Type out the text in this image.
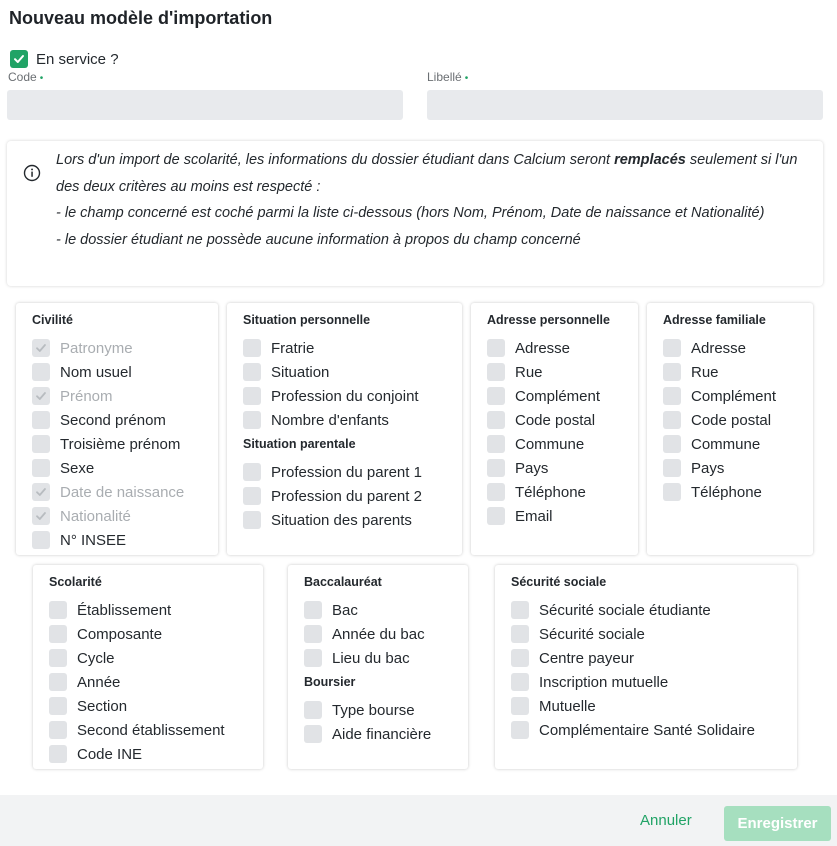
Nouveau modèle d'importation
En service ?
Code •	Libellé •
Lors d'un import de scolarité, les informations du dossier étudiant dans Calcium seront remplacés seulement si l'un des deux critères au moins est respecté :
- le champ concerné est coché parmi la liste ci-dessous (hors Nom, Prénom, Date de naissance et Nationalité)
- le dossier étudiant ne possède aucune information à propos du champ concerné
Civilité
Patronyme
Nom usuel
Prénom
Second prénom
Troisième prénom
Sexe
Date de naissance
Nationalité
N° INSEE
Situation personnelle
Fratrie
Situation
Profession du conjoint
Nombre d'enfants
Situation parentale
Profession du parent 1
Profession du parent 2
Situation des parents
Adresse personnelle
Adresse
Rue
Complément
Code postal
Commune
Pays
Téléphone
Email
Adresse familiale
Adresse
Rue
Complément
Code postal
Commune
Pays
Téléphone
Scolarité
Établissement
Composante
Cycle
Année
Section
Second établissement
Code INE
Baccalauréat
Bac
Année du bac
Lieu du bac
Boursier
Type bourse
Aide financière
Sécurité sociale
Sécurité sociale étudiante
Sécurité sociale
Centre payeur
Inscription mutuelle
Mutuelle
Complémentaire Santé Solidaire
Annuler	Enregistrer
